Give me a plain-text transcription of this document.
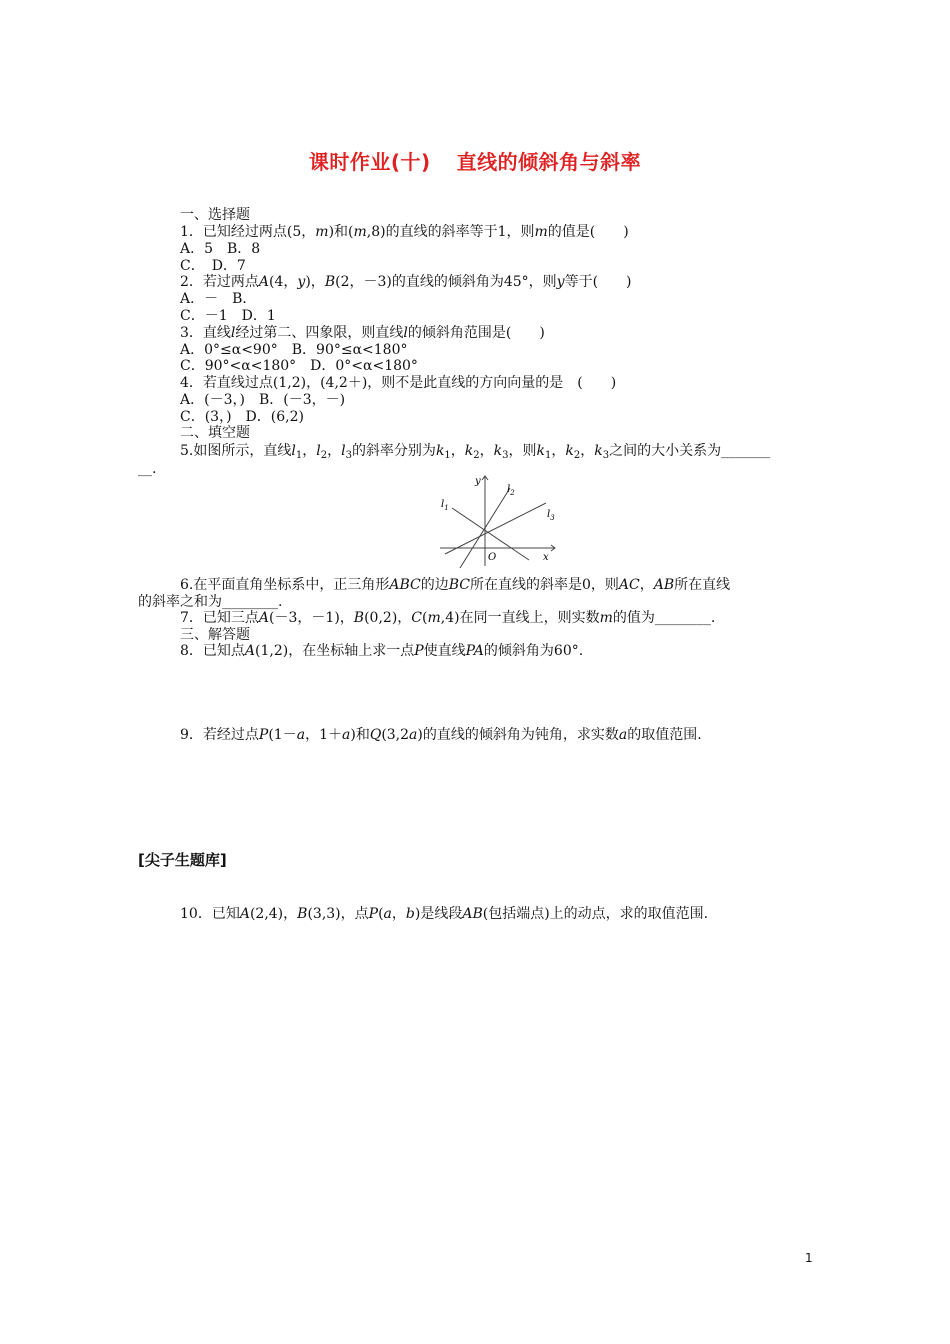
课时作业(十) 直线的倾斜角与斜率
一、选择题
1．已知经过两点(5，m)和(m,8)的直线的斜率等于1，则m的值是(　　)
A．5　B．8
C．　D．7
2．若过两点A(4，y)，B(2，－3)的直线的倾斜角为45°，则y等于(　　)
A．－　B．
C．－1　D．1
3．直线l经过第二、四象限，则直线l的倾斜角范围是(　　)
A．0°≤α<90°　B．90°≤α<180°
C．90°<α<180°　D．0°<α<180°
4．若直线过点(1,2)，(4,2＋)，则不是此直线的方向向量的是　(　　)
A．(－3，)　B．(－3，－)
C．(3，)　D．(6,2)
二、填空题
5.如图所示，直线$l_1$，$l_2$，$l_3$的斜率分别为$k_1$，$k_2$，$k_3$，则$k_1$，$k_2$，$k_3$之间的大小关系为_______
__.
y
x
O
$l_1$
$l_2$
$l_3$
6.在平面直角坐标系中，正三角形ABC的边BC所在直线的斜率是0，则AC，AB所在直线
的斜率之和为________.
7．已知三点A(－3，－1)，B(0,2)，C(m,4)在同一直线上，则实数m的值为________.
三、解答题
8．已知点A(1,2)，在坐标轴上求一点P使直线PA的倾斜角为60°.
9．若经过点P(1－a，1＋a)和Q(3,2a)的直线的倾斜角为钝角，求实数a的取值范围.
[尖子生题库]
10．已知A(2,4)，B(3,3)，点P(a，b)是线段AB(包括端点)上的动点，求的取值范围.
1
